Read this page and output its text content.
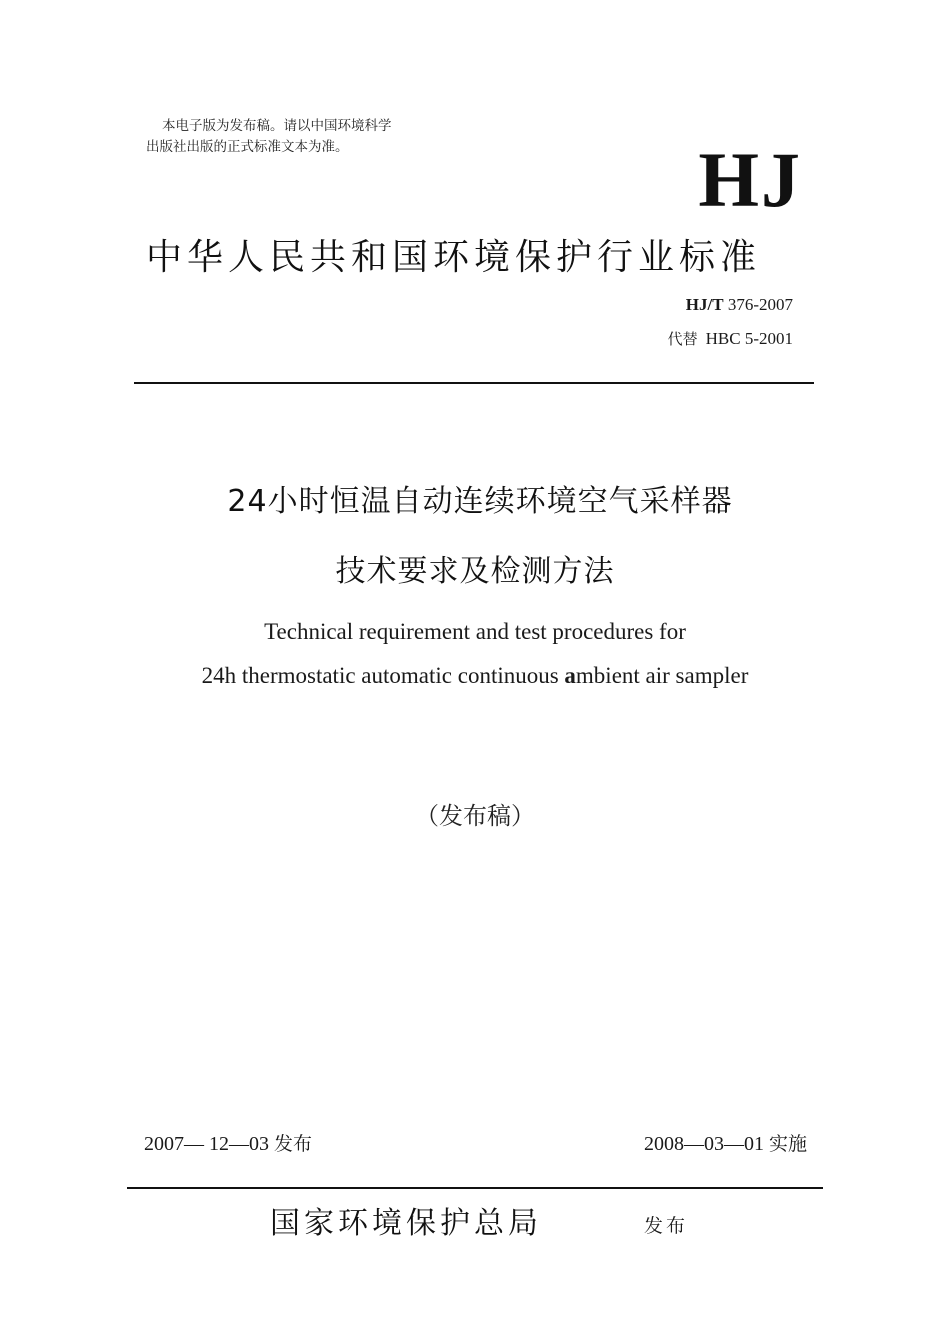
本电子版为发布稿。请以中国环境科学
出版社出版的正式标准文本为准。	HJ
中华人民共和国环境保护行业标准
HJ/T 376-2007
代替 HBC 5-2001
24小时恒温自动连续环境空气采样器
技术要求及检测方法
Technical requirement and test procedures for
24h thermostatic automatic continuous ambient air sampler
（发布稿）
2007— 12—03 发布	2008—03—01 实施
国家环境保护总局	发布
